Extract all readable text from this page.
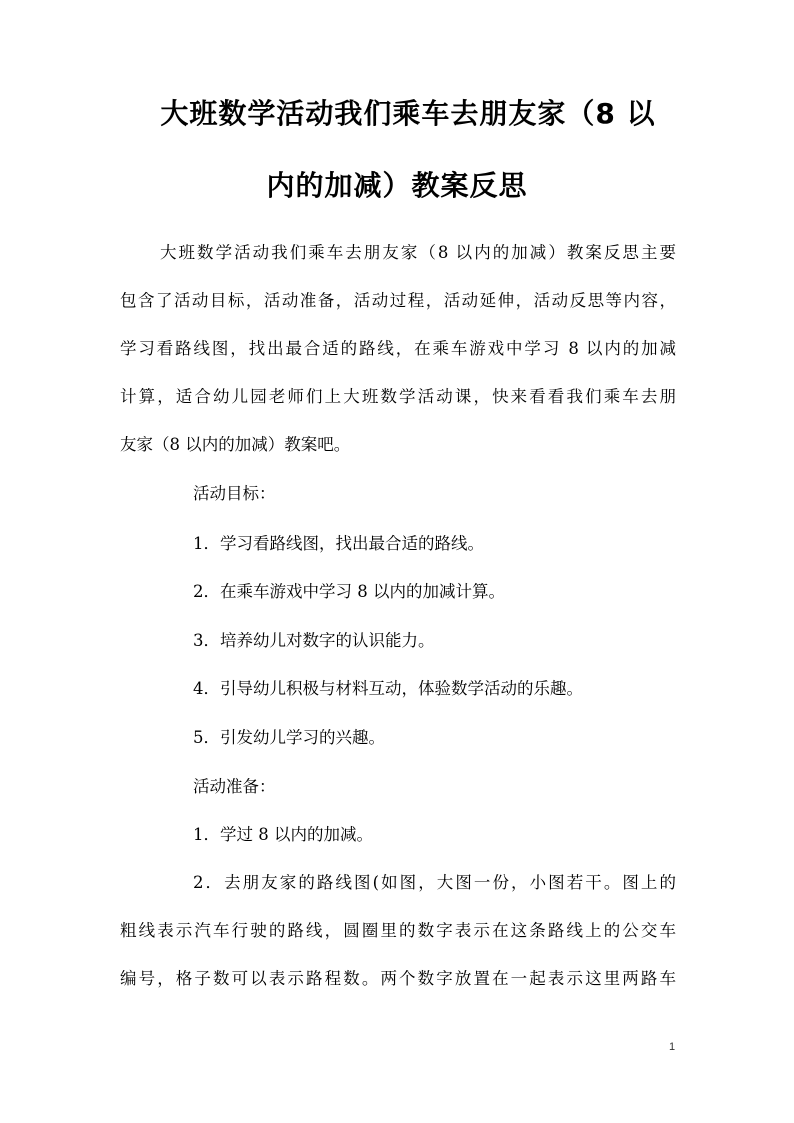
大班数学活动我们乘车去朋友家（8 以
内的加减）教案反思
大班数学活动我们乘车去朋友家（8 以内的加减）教案反思主要
包含了活动目标，活动准备，活动过程，活动延伸，活动反思等内容，
学习看路线图，找出最合适的路线，在乘车游戏中学习 8 以内的加减
计算，适合幼儿园老师们上大班数学活动课，快来看看我们乘车去朋
友家（8 以内的加减）教案吧。
活动目标：
1．学习看路线图，找出最合适的路线。
2．在乘车游戏中学习 8 以内的加减计算。
3．培养幼儿对数字的认识能力。
4．引导幼儿积极与材料互动，体验数学活动的乐趣。
5．引发幼儿学习的兴趣。
活动准备：
1．学过 8 以内的加减。
2．去朋友家的路线图(如图，大图一份，小图若干。图上的
粗线表示汽车行驶的路线，圆圈里的数字表示在这条路线上的公交车
编号，格子数可以表示路程数。两个数字放置在一起表示这里两路车
1
